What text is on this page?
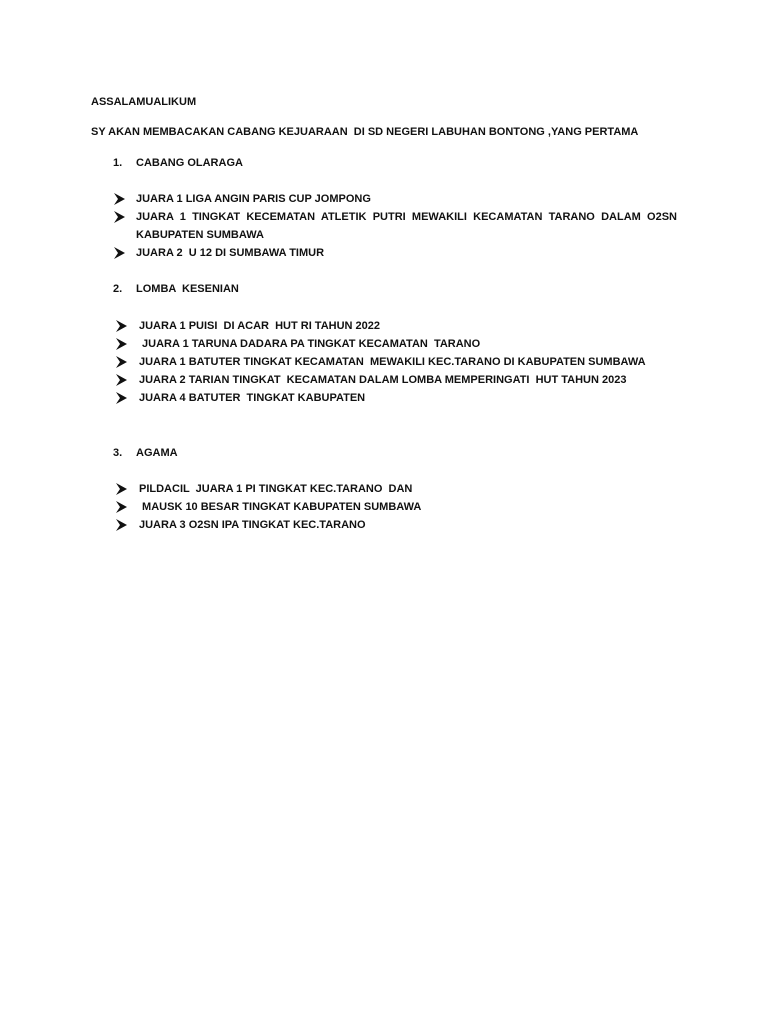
ASSALAMUALIKUM
SY AKAN MEMBACAKAN CABANG KEJUARAAN  DI SD NEGERI LABUHAN BONTONG ,YANG PERTAMA
1. CABANG OLARAGA
JUARA 1 LIGA ANGIN PARIS CUP JOMPONG
JUARA 1 TINGKAT KECEMATAN ATLETIK PUTRI MEWAKILI KECAMATAN TARANO DALAM O2SN KABUPATEN SUMBAWA
JUARA 2  U 12 DI SUMBAWA TIMUR
2. LOMBA  KESENIAN
JUARA 1 PUISI  DI ACAR  HUT RI TAHUN 2022
JUARA 1 TARUNA DADARA PA TINGKAT KECAMATAN  TARANO
JUARA 1 BATUTER TINGKAT KECAMATAN  MEWAKILI KEC.TARANO DI KABUPATEN SUMBAWA
JUARA 2 TARIAN TINGKAT  KECAMATAN DALAM LOMBA MEMPERINGATI  HUT TAHUN 2023
JUARA 4 BATUTER  TINGKAT KABUPATEN
3. AGAMA
PILDACIL  JUARA 1 PI TINGKAT KEC.TARANO  DAN
MAUSK 10 BESAR TINGKAT KABUPATEN SUMBAWA
JUARA 3 O2SN IPA TINGKAT KEC.TARANO
